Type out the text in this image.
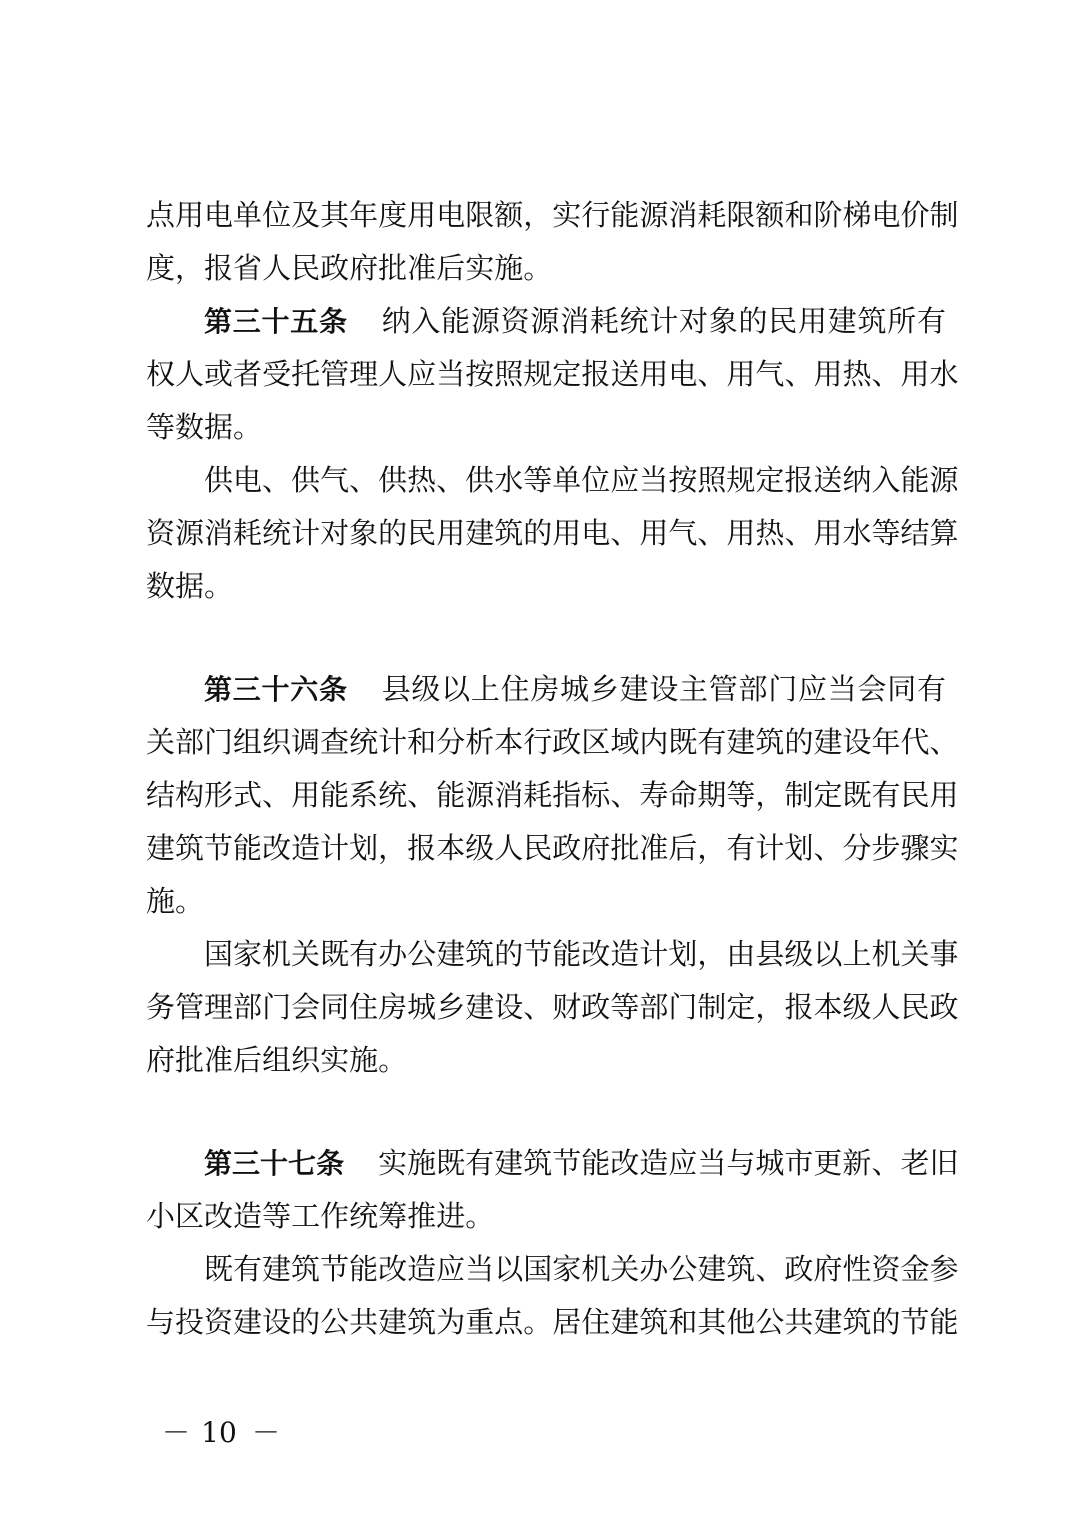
点用电单位及其年度用电限额，实行能源消耗限额和阶梯电价制
度，报省人民政府批准后实施。
第三十五条 纳入能源资源消耗统计对象的民用建筑所有
权人或者受托管理人应当按照规定报送用电、用气、用热、用水
等数据。
供电、供气、供热、供水等单位应当按照规定报送纳入能源
资源消耗统计对象的民用建筑的用电、用气、用热、用水等结算
数据。
第三十六条 县级以上住房城乡建设主管部门应当会同有
关部门组织调查统计和分析本行政区域内既有建筑的建设年代、
结构形式、用能系统、能源消耗指标、寿命期等，制定既有民用
建筑节能改造计划，报本级人民政府批准后，有计划、分步骤实
施。
国家机关既有办公建筑的节能改造计划，由县级以上机关事
务管理部门会同住房城乡建设、财政等部门制定，报本级人民政
府批准后组织实施。
第三十七条 实施既有建筑节能改造应当与城市更新、老旧
小区改造等工作统筹推进。
既有建筑节能改造应当以国家机关办公建筑、政府性资金参
与投资建设的公共建筑为重点。居住建筑和其他公共建筑的节能
－ 10 －
